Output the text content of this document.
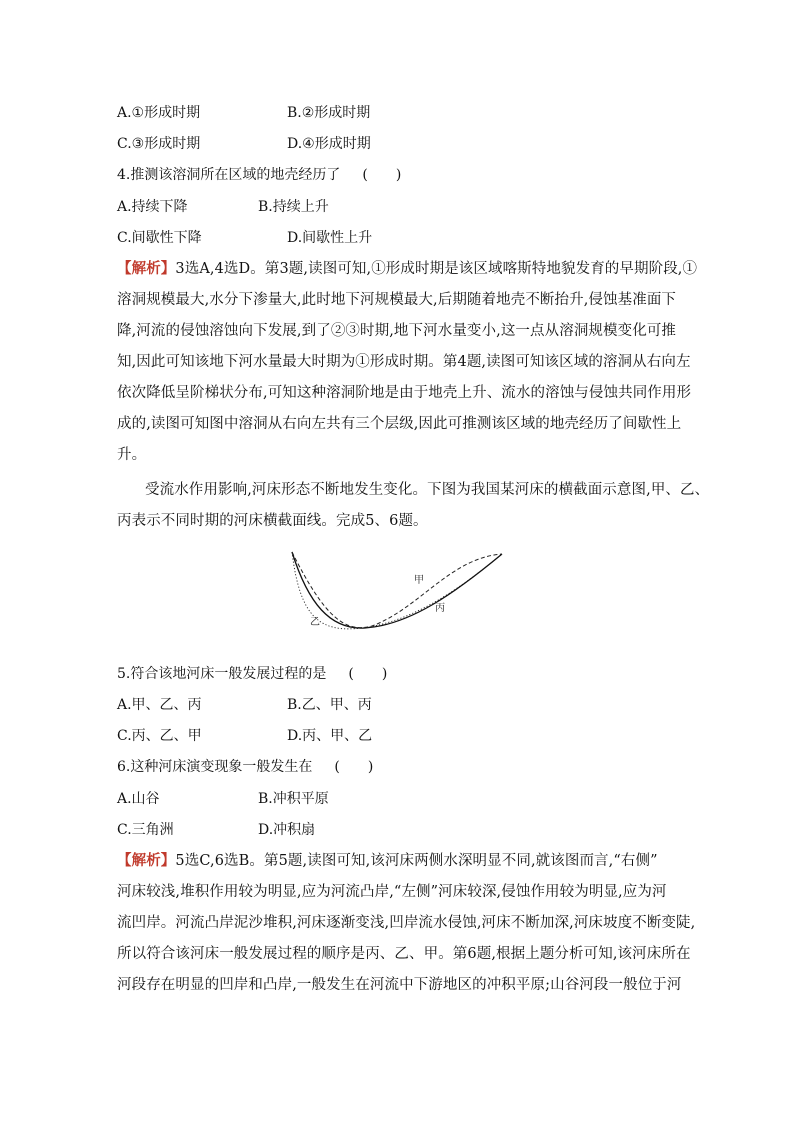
A.①形成时期	B.②形成时期
C.③形成时期	D.④形成时期
4.推测该溶洞所在区域的地壳经历了 (　　)
A.持续下降	B.持续上升
C.间歇性下降	D.间歇性上升
【解析】3选A,4选D。第3题,读图可知,①形成时期是该区域喀斯特地貌发育的早期阶段,①
溶洞规模最大,水分下渗量大,此时地下河规模最大,后期随着地壳不断抬升,侵蚀基准面下
降,河流的侵蚀溶蚀向下发展,到了②③时期,地下河水量变小,这一点从溶洞规模变化可推
知,因此可知该地下河水量最大时期为①形成时期。第4题,读图可知该区域的溶洞从右向左
依次降低呈阶梯状分布,可知这种溶洞阶地是由于地壳上升、流水的溶蚀与侵蚀共同作用形
成的,读图可知图中溶洞从右向左共有三个层级,因此可推测该区域的地壳经历了间歇性上
升。
受流水作用影响,河床形态不断地发生变化。下图为我国某河床的横截面示意图,甲、乙、
丙表示不同时期的河床横截面线。完成5、6题。
甲
丙
乙
5.符合该地河床一般发展过程的是 (　　)
A.甲、乙、丙	B.乙、甲、丙
C.丙、乙、甲	D.丙、甲、乙
6.这种河床演变现象一般发生在 (　　)
A.山谷	B.冲积平原
C.三角洲	D.冲积扇
【解析】5选C,6选B。第5题,读图可知,该河床两侧水深明显不同,就该图而言,“右侧”
河床较浅,堆积作用较为明显,应为河流凸岸,“左侧”河床较深,侵蚀作用较为明显,应为河
流凹岸。河流凸岸泥沙堆积,河床逐渐变浅,凹岸流水侵蚀,河床不断加深,河床坡度不断变陡,
所以符合该河床一般发展过程的顺序是丙、乙、甲。第6题,根据上题分析可知,该河床所在
河段存在明显的凹岸和凸岸,一般发生在河流中下游地区的冲积平原;山谷河段一般位于河
